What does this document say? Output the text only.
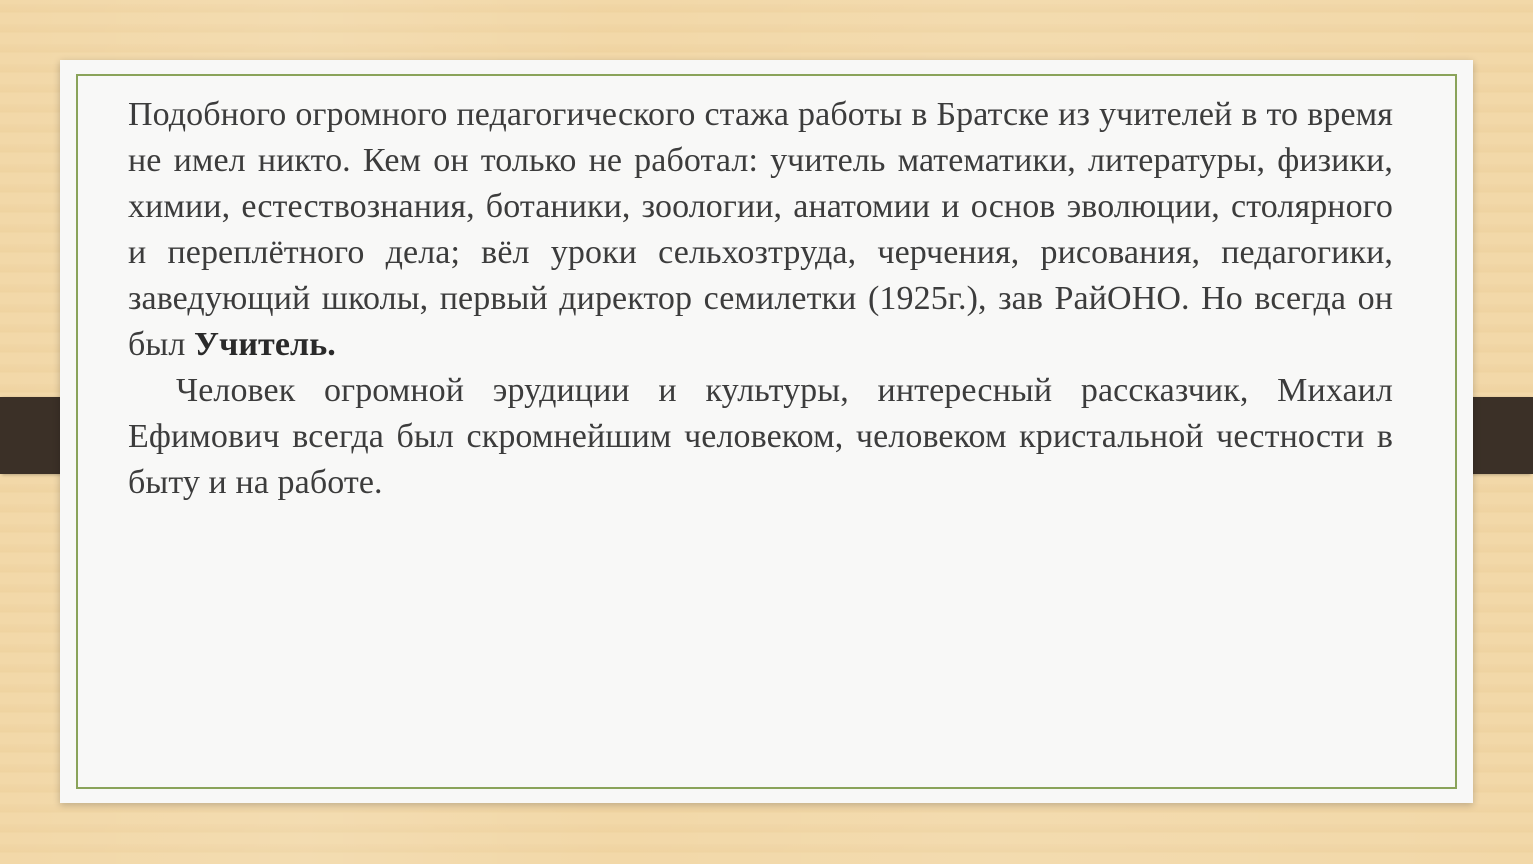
Подобного огромного педагогического стажа работы в Братске из учителей в то время не имел никто. Кем он только не работал: учитель математики, литературы, физики, химии, естествознания, ботаники, зоологии, анатомии и основ эволюции, столярного и переплётного дела; вёл уроки сельхозтруда, черчения, рисования, педагогики, заведующий школы, первый директор семилетки (1925г.), зав РайОНО. Но всегда он был Учитель.

Человек огромной эрудиции и культуры, интересный рассказчик, Михаил Ефимович всегда был скромнейшим человеком, человеком кристальной честности в быту и на работе.
